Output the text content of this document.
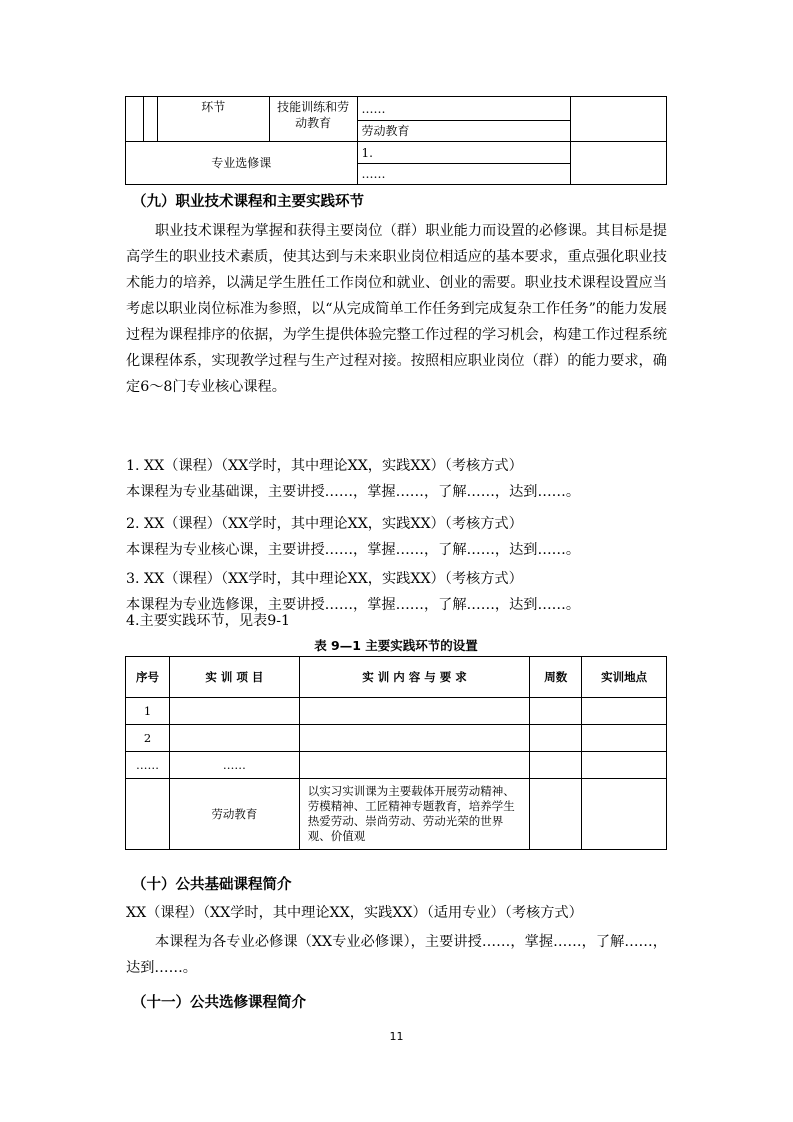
		环节	技能训练和劳动教育	……	
				劳动教育	
专业选修课				1.	
				……	
（九）职业技术课程和主要实践环节
职业技术课程为掌握和获得主要岗位（群）职业能力而设置的必修课。其目标是提高学生的职业技术素质，使其达到与未来职业岗位相适应的基本要求，重点强化职业技术能力的培养，以满足学生胜任工作岗位和就业、创业的需要。职业技术课程设置应当考虑以职业岗位标准为参照，以“从完成简单工作任务到完成复杂工作任务”的能力发展过程为课程排序的依据，为学生提供体验完整工作过程的学习机会，构建工作过程系统化课程体系，实现教学过程与生产过程对接。按照相应职业岗位（群）的能力要求，确定6～8门专业核心课程。
1. XX（课程）（XX学时，其中理论XX，实践XX）（考核方式）
本课程为专业基础课，主要讲授……，掌握……，了解……，达到……。
2. XX（课程）（XX学时，其中理论XX，实践XX）（考核方式）
本课程为专业核心课，主要讲授……，掌握……，了解……，达到……。
3. XX（课程）（XX学时，其中理论XX，实践XX）（考核方式）
本课程为专业选修课，主要讲授……，掌握……，了解……，达到……。
4.主要实践环节，见表9-1
表 9—1 主要实践环节的设置
序号	实 训 项 目	实 训 内 容 与 要 求	周数	实训地点
1				
2				
……	……			
	劳动教育	以实习实训课为主要载体开展劳动精神、劳模精神、工匠精神专题教育，培养学生热爱劳动、崇尚劳动、劳动光荣的世界观、价值观		
（十）公共基础课程简介
XX（课程）（XX学时，其中理论XX，实践XX）（适用专业）（考核方式）
本课程为各专业必修课（XX专业必修课），主要讲授……，掌握……，了解……，达到……。
（十一）公共选修课程简介
11
